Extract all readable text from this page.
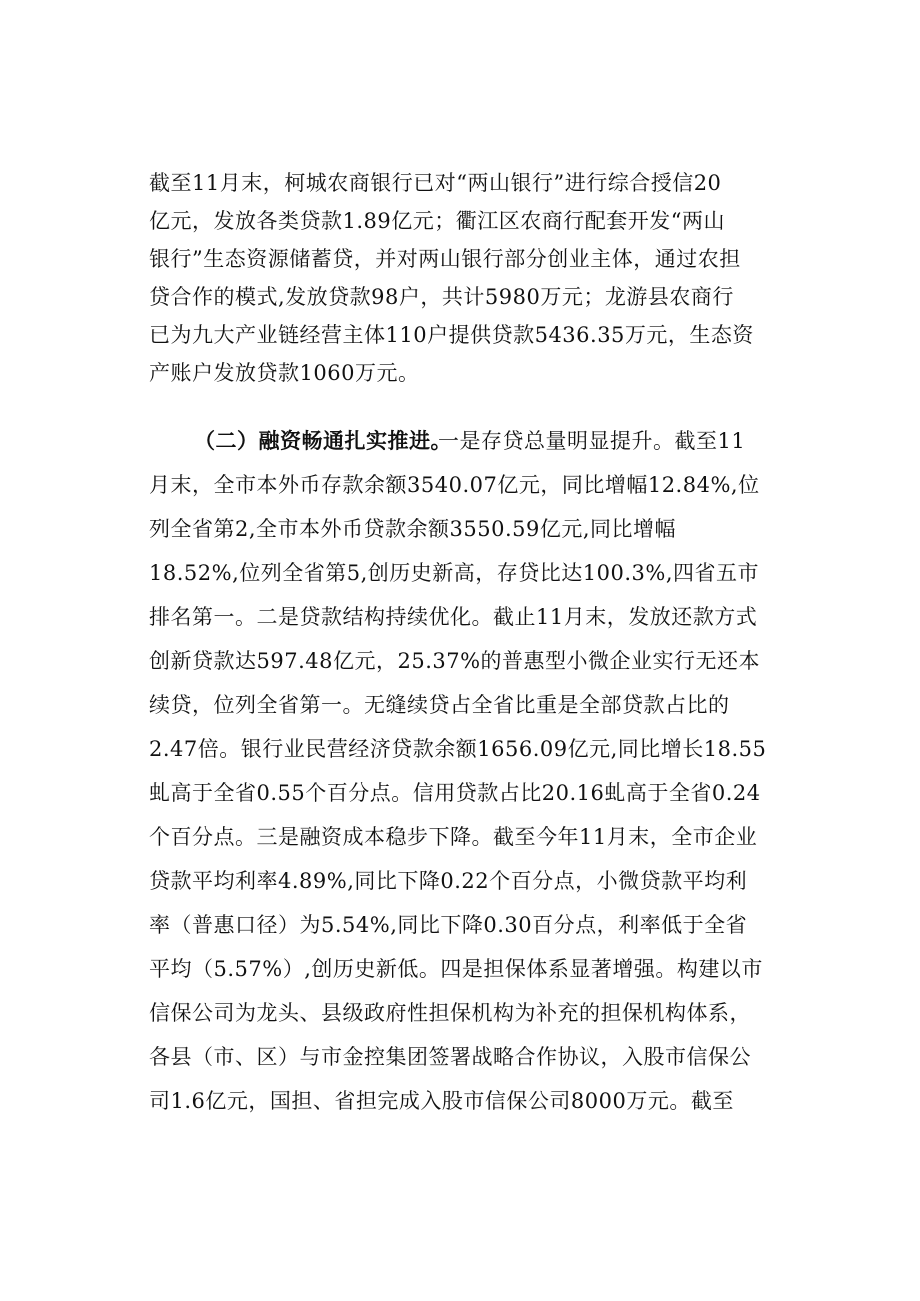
截至11月末，柯城农商银行已对“两山银行”进行综合授信20
亿元，发放各类贷款1.89亿元；衢江区农商行配套开发“两山
银行”生态资源储蓄贷，并对两山银行部分创业主体，通过农担
贷合作的模式,发放贷款98户，共计5980万元；龙游县农商行
已为九大产业链经营主体110户提供贷款5436.35万元，生态资
产账户发放贷款1060万元。
（二）融资畅通扎实推进。
一是存贷总量明显提升。截至11
月末，全市本外币存款余额3540.07亿元，同比增幅12.84%,位
列全省第2,全市本外币贷款余额3550.59亿元,同比增幅
18.52%,位列全省第5,创历史新高，存贷比达100.3%,四省五市
排名第一。二是贷款结构持续优化。截止11月末，发放还款方式
创新贷款达597.48亿元，25.37%的普惠型小微企业实行无还本
续贷，位列全省第一。无缝续贷占全省比重是全部贷款占比的
2.47倍。银行业民营经济贷款余额1656.09亿元,同比增长18.55
虬高于全省0.55个百分点。信用贷款占比20.16虬高于全省0.24
个百分点。三是融资成本稳步下降。截至今年11月末，全市企业
贷款平均利率4.89%,同比下降0.22个百分点，小微贷款平均利
率（普惠口径）为5.54%,同比下降0.30百分点，利率低于全省
平均（5.57%）,创历史新低。四是担保体系显著增强。构建以市
信保公司为龙头、县级政府性担保机构为补充的担保机构体系，
各县（市、区）与市金控集团签署战略合作协议，入股市信保公
司1.6亿元，国担、省担完成入股市信保公司8000万元。截至
